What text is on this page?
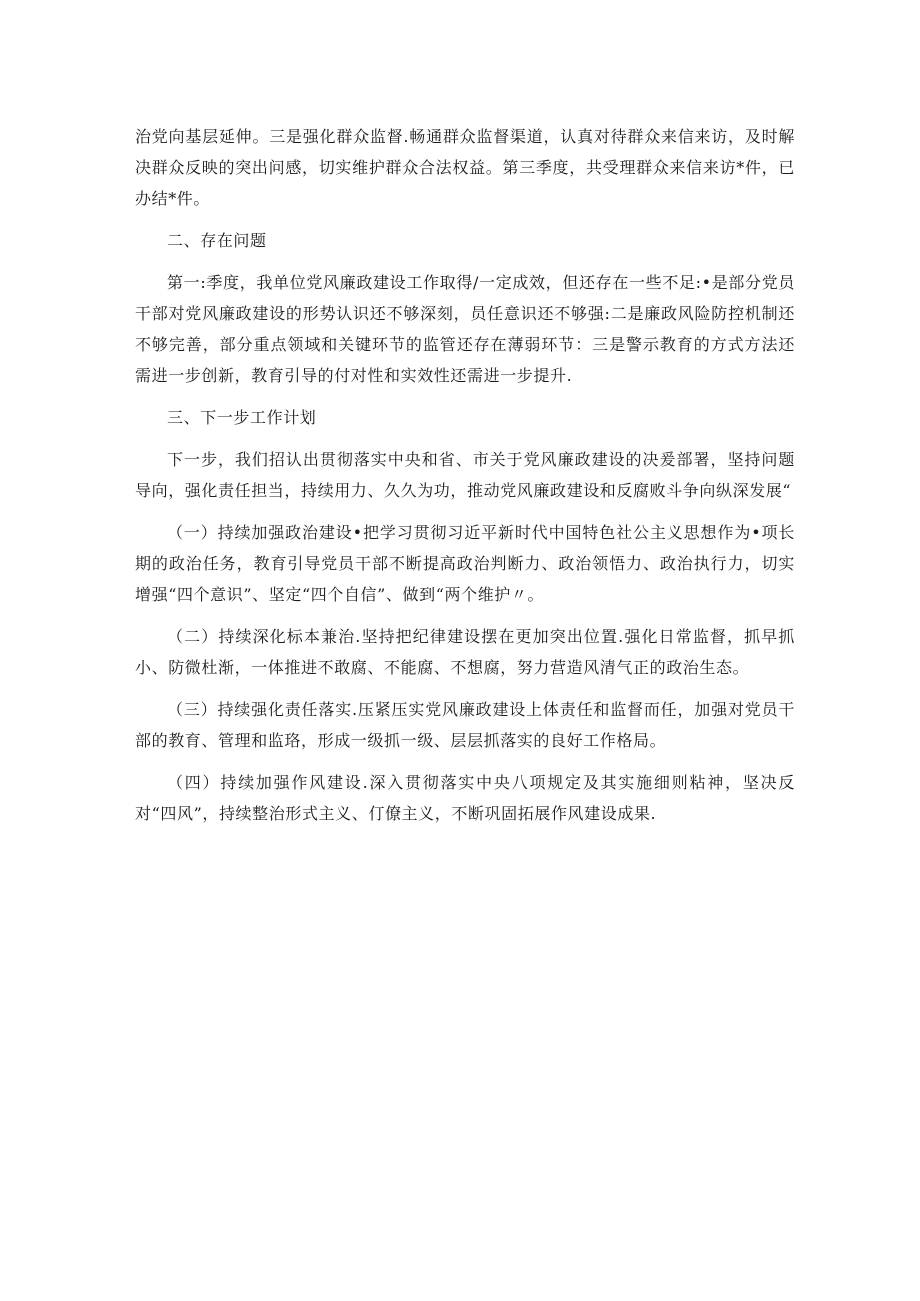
治党向基层延伸。三是强化群众监督.畅通群众监督渠道，认真对待群众来信来访，及时解决群众反映的突出问感，切实维护群众合法权益。第三季度，共受理群众来信来访*件，已办结*件。

二、存在问题

第一:季度，我单位党风廉政建设工作取得/一定成效，但还存在一些不足:•是部分党员干部对党风廉政建设的形势认识还不够深刻，员任意识还不够强:二是廉政风险防控机制还不够完善，部分重点领域和关键环节的监管还存在薄弱环节：三是警示教育的方式方法还需进一步创新，教育引导的付对性和实效性还需进一步提升.

三、下一步工作计划

下一步，我们招认出贯彻落实中央和省、市关于党风廉政建设的决爰部署，坚持问题导向，强化责任担当，持续用力、久久为功，推动党风廉政建设和反腐败斗争向纵深发展“

（一）持续加强政治建设•把学习贯彻习近平新时代中国特色社公主义思想作为•项长期的政治任务，教育引导党员干部不断提高政治判断力、政治领悟力、政治执行力，切实增强“四个意识”、坚定“四个自信”、做到“两个维护〃。

（二）持续深化标本兼治.坚持把纪律建设摆在更加突出位置.强化日常监督，抓早抓小、防微杜渐，一体推进不敢腐、不能腐、不想腐，努力营造风清气正的政治生态。

（三）持续强化责任落实.压紧压实党风廉政建设上体责任和监督而任，加强对党员干部的教育、管理和监珞，形成一级抓一级、层层抓落实的良好工作格局。

（四）持续加强作风建设.深入贯彻落实中央八项规定及其实施细则粘神，坚决反对“四风”，持续整治形式主义、仃僚主义，不断巩固拓展作风建设成果.
